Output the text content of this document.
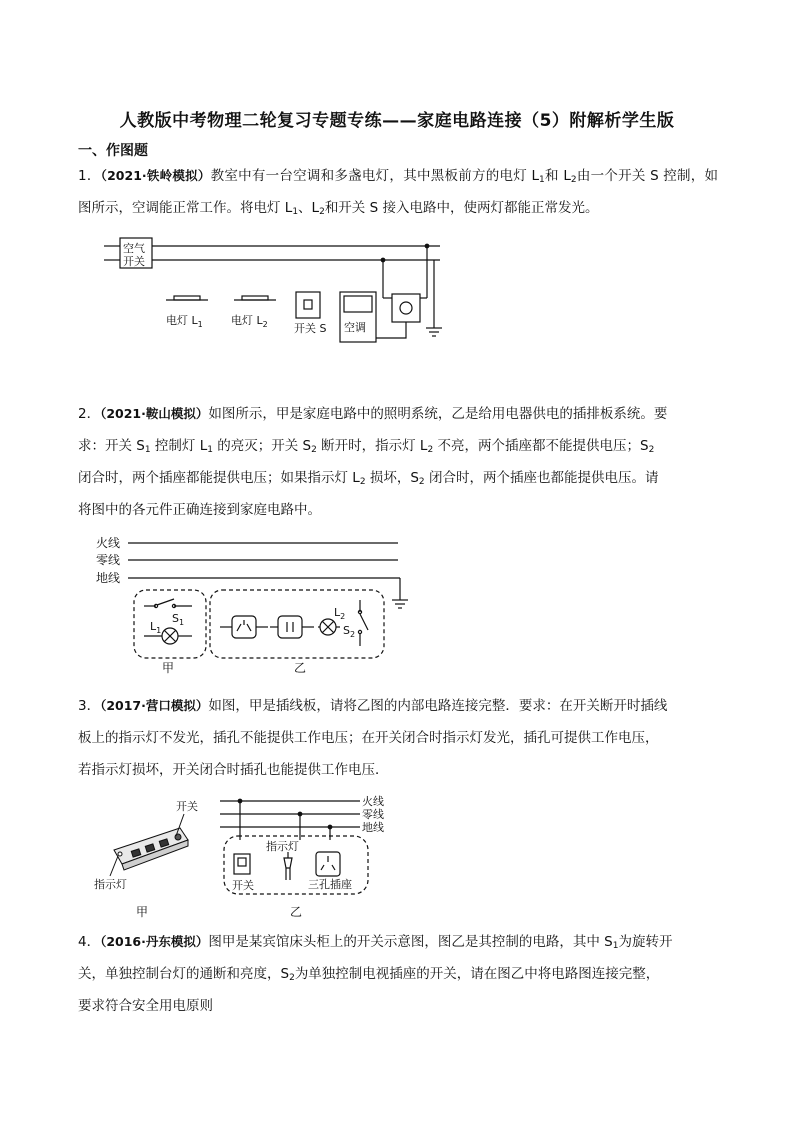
人教版中考物理二轮复习专题专练——家庭电路连接（5）附解析学生版
一、作图题
1．（2021·铁岭模拟）教室中有一台空调和多盏电灯，其中黑板前方的电灯 $L_1$和 $L_2$由一个开关 S 控制，如图所示，空调能正常工作。将电灯 $L_1$、$L_2$和开关 S 接入电路中，使两灯都能正常发光。
空气
开关
电灯 $L_1$	电灯 $L_2$ 开关 S 空调
2．（2021·鞍山模拟）如图所示，甲是家庭电路中的照明系统，乙是给用电器供电的插排板系统。要
求：开关 $S_1$ 控制灯 $L_1$ 的亮灭；开关 $S_2$ 断开时，指示灯 $L_2$ 不亮，两个插座都不能提供电压；$S_2$
闭合时，两个插座都能提供电压；如果指示灯 $L_2$ 损坏，$S_2$ 闭合时，两个插座也都能提供电压。请
将图中的各元件正确连接到家庭电路中。
火线
零线
地线
$S_1$
$L_1$
$L_2$
$S_2$
甲	乙
3．（2017·营口模拟）如图，甲是插线板，请将乙图的内部电路连接完整．要求：在开关断开时插线
板上的指示灯不发光，插孔不能提供工作电压；在开关闭合时指示灯发光，插孔可提供工作电压，
若指示灯损坏，开关闭合时插孔也能提供工作电压．
开关
指示灯
甲
火线
零线
地线
指示灯
开关	三孔插座
乙
4．（2016·丹东模拟）图甲是某宾馆床头柜上的开关示意图，图乙是其控制的电路，其中 $S_1$为旋转开
关，单独控制台灯的通断和亮度，$S_2$为单独控制电视插座的开关，请在图乙中将电路图连接完整，
要求符合安全用电原则
